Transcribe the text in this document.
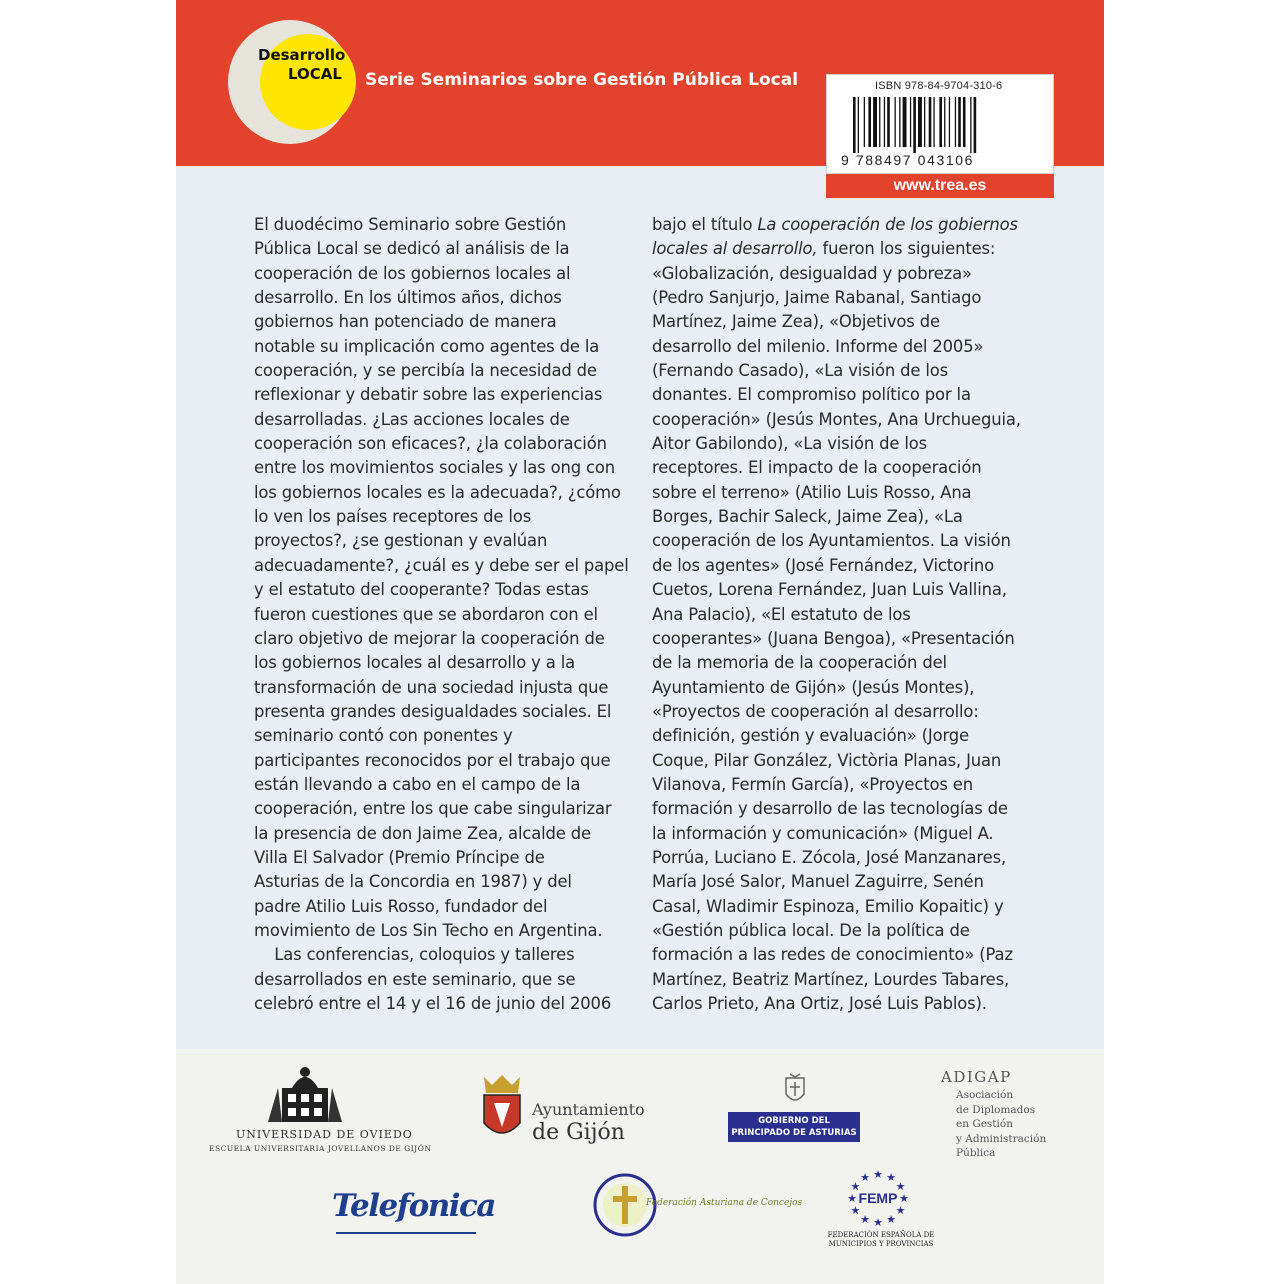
Desarrollo
LOCAL	Serie Seminarios sobre Gestión Pública Local	ISBN 978-84-9704-310-6
9 788497 043106
www.trea.es
El duodécimo Seminario sobre Gestión
Pública Local se dedicó al análisis de la
cooperación de los gobiernos locales al
desarrollo. En los últimos años, dichos
gobiernos han potenciado de manera
notable su implicación como agentes de la
cooperación, y se percibía la necesidad de
reflexionar y debatir sobre las experiencias
desarrolladas. ¿Las acciones locales de
cooperación son eficaces?, ¿la colaboración
entre los movimientos sociales y las ong con
los gobiernos locales es la adecuada?, ¿cómo
lo ven los países receptores de los
proyectos?, ¿se gestionan y evalúan
adecuadamente?, ¿cuál es y debe ser el papel
y el estatuto del cooperante? Todas estas
fueron cuestiones que se abordaron con el
claro objetivo de mejorar la cooperación de
los gobiernos locales al desarrollo y a la
transformación de una sociedad injusta que
presenta grandes desigualdades sociales. El
seminario contó con ponentes y
participantes reconocidos por el trabajo que
están llevando a cabo en el campo de la
cooperación, entre los que cabe singularizar
la presencia de don Jaime Zea, alcalde de
Villa El Salvador (Premio Príncipe de
Asturias de la Concordia en 1987) y del
padre Atilio Luis Rosso, fundador del
movimiento de Los Sin Techo en Argentina.
Las conferencias, coloquios y talleres
desarrollados en este seminario, que se
celebró entre el 14 y el 16 de junio del 2006
bajo el título La cooperación de los gobiernos
locales al desarrollo, fueron los siguientes:
«Globalización, desigualdad y pobreza»
(Pedro Sanjurjo, Jaime Rabanal, Santiago
Martínez, Jaime Zea), «Objetivos de
desarrollo del milenio. Informe del 2005»
(Fernando Casado), «La visión de los
donantes. El compromiso político por la
cooperación» (Jesús Montes, Ana Urchueguia,
Aitor Gabilondo), «La visión de los
receptores. El impacto de la cooperación
sobre el terreno» (Atilio Luis Rosso, Ana
Borges, Bachir Saleck, Jaime Zea), «La
cooperación de los Ayuntamientos. La visión
de los agentes» (José Fernández, Victorino
Cuetos, Lorena Fernández, Juan Luis Vallina,
Ana Palacio), «El estatuto de los
cooperantes» (Juana Bengoa), «Presentación
de la memoria de la cooperación del
Ayuntamiento de Gijón» (Jesús Montes),
«Proyectos de cooperación al desarrollo:
definición, gestión y evaluación» (Jorge
Coque, Pilar González, Victòria Planas, Juan
Vilanova, Fermín García), «Proyectos en
formación y desarrollo de las tecnologías de
la información y comunicación» (Miguel A.
Porrúa, Luciano E. Zócola, José Manzanares,
María José Salor, Manuel Zaguirre, Senén
Casal, Wladimir Espinoza, Emilio Kopaitic) y
«Gestión pública local. De la política de
formación a las redes de conocimiento» (Paz
Martínez, Beatriz Martínez, Lourdes Tabares,
Carlos Prieto, Ana Ortiz, José Luis Pablos).
UNIVERSIDAD DE OVIEDO
ESCUELA UNIVERSITARIA JOVELLANOS DE GIJÓN
Ayuntamiento
de Gijón	GOBIERNO DEL
PRINCIPADO DE ASTURIAS
ADIGAP
Asociación
de Diplomados
en Gestión
y Administración
Pública
Telefonica	Federación Asturiana de Concejos	★
★
★
★
★
★
★
★
★ ★ ★
★
FEMP
FEDERACIÓN ESPAÑOLA DE
MUNICIPIOS Y PROVINCIAS
